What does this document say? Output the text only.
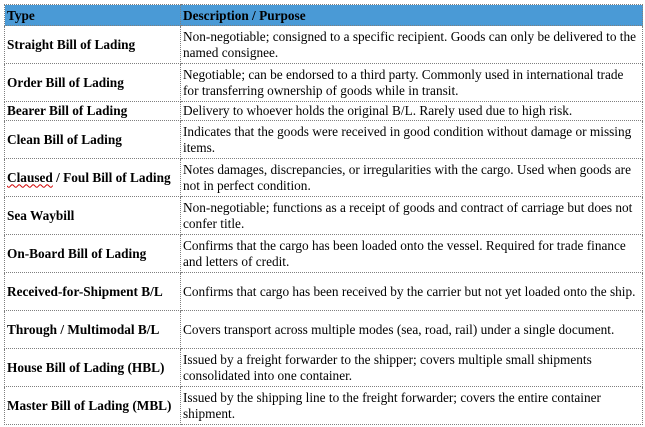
Type	Description / Purpose
Straight Bill of Lading	Non-negotiable; consigned to a specific recipient. Goods can only be delivered to the named consignee.
Order Bill of Lading	Negotiable; can be endorsed to a third party. Commonly used in international trade for transferring ownership of goods while in transit.
Bearer Bill of Lading	Delivery to whoever holds the original B/L. Rarely used due to high risk.
Clean Bill of Lading	Indicates that the goods were received in good condition without damage or missing items.
Claused / Foul Bill of Lading	Notes damages, discrepancies, or irregularities with the cargo. Used when goods are not in perfect condition.
Sea Waybill	Non-negotiable; functions as a receipt of goods and contract of carriage but does not confer title.
On-Board Bill of Lading	Confirms that the cargo has been loaded onto the vessel. Required for trade finance and letters of credit.
Received-for-Shipment B/L	Confirms that cargo has been received by the carrier but not yet loaded onto the ship.
Through / Multimodal B/L	Covers transport across multiple modes (sea, road, rail) under a single document.
House Bill of Lading (HBL)	Issued by a freight forwarder to the shipper; covers multiple small shipments consolidated into one container.
Master Bill of Lading (MBL)	Issued by the shipping line to the freight forwarder; covers the entire container shipment.
